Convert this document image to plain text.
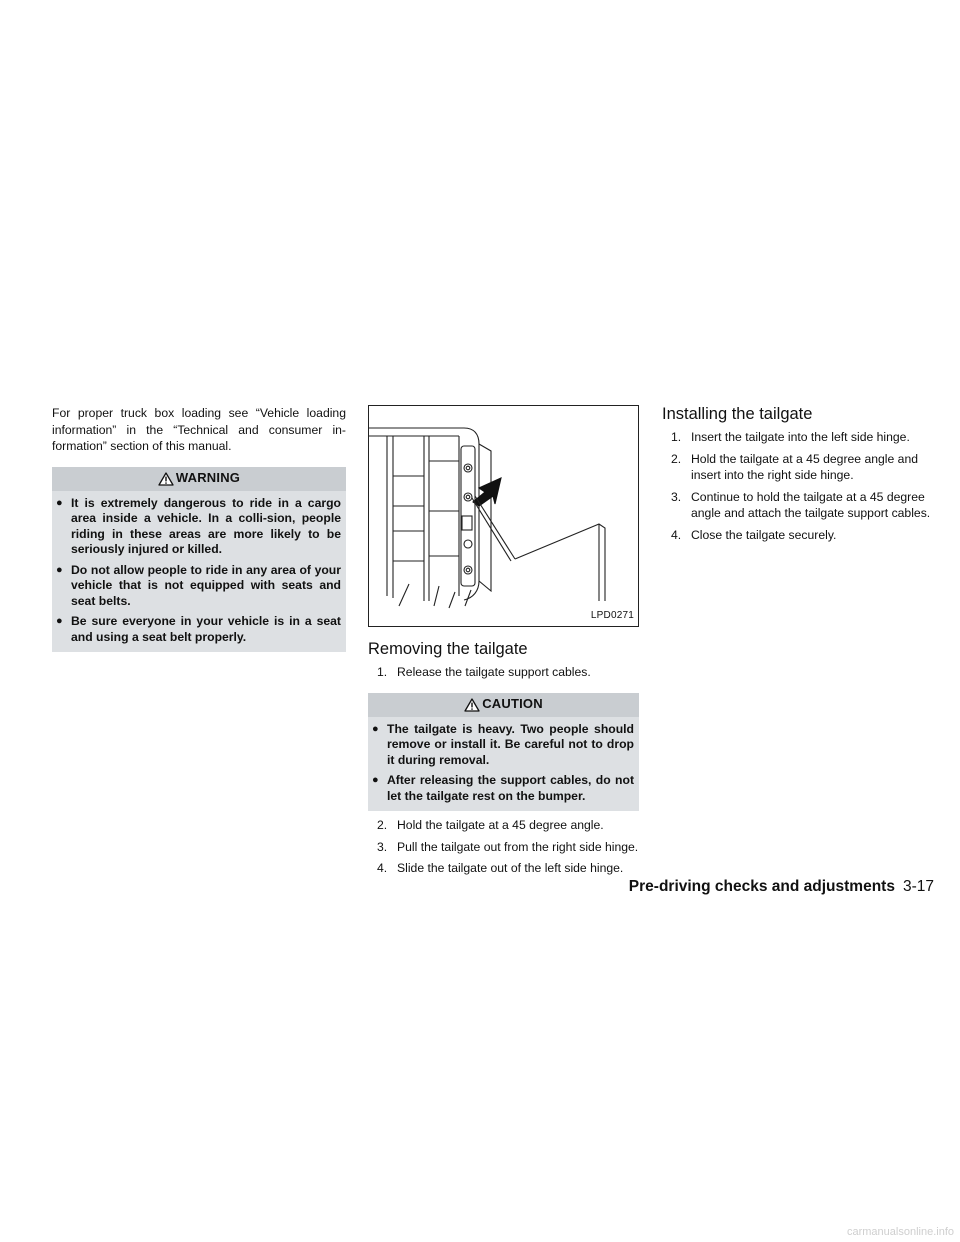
For proper truck box loading see “Vehicle loading information” in the “Technical and consumer in-formation” section of this manual.

WARNING
● It is extremely dangerous to ride in a cargo area inside a vehicle. In a colli-sion, people riding in these areas are more likely to be seriously injured or killed.
● Do not allow people to ride in any area of your vehicle that is not equipped with seats and seat belts.
● Be sure everyone in your vehicle is in a seat and using a seat belt properly.
LPD0271
Removing the tailgate
1. Release the tailgate support cables.
CAUTION
● The tailgate is heavy. Two people should remove or install it. Be careful not to drop it during removal.
● After releasing the support cables, do not let the tailgate rest on the bumper.
2. Hold the tailgate at a 45 degree angle.
3. Pull the tailgate out from the right side hinge.
4. Slide the tailgate out of the left side hinge.
Installing the tailgate
1. Insert the tailgate into the left side hinge.
2. Hold the tailgate at a 45 degree angle and insert into the right side hinge.
3. Continue to hold the tailgate at a 45 degree angle and attach the tailgate support cables.
4. Close the tailgate securely.
Pre-driving checks and adjustments 3-17
carmanualsonline.info
